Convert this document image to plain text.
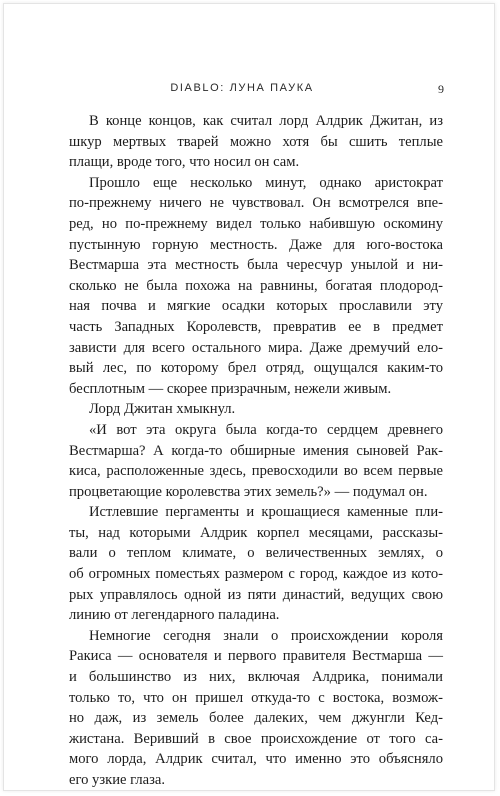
DIABLO: ЛУНА ПАУКА	9
В конце концов, как считал лорд Алдрик Джитан, из
шкур мертвых тварей можно хотя бы сшить теплые
плащи, вроде того, что носил он сам.
Прошло еще несколько минут, однако аристократ
по-прежнему ничего не чувствовал. Он всмотрелся впе-
ред, но по-прежнему видел только набившую оскомину
пустынную горную местность. Даже для юго-востока
Вестмарша эта местность была чересчур унылой и ни-
сколько не была похожа на равнины, богатая плодород-
ная почва и мягкие осадки которых прославили эту
часть Западных Королевств, превратив ее в предмет
зависти для всего остального мира. Даже дремучий ело-
вый лес, по которому брел отряд, ощущался каким-то
бесплотным — скорее призрачным, нежели живым.
Лорд Джитан хмыкнул.
«И вот эта округа была когда-то сердцем древнего
Вестмарша? А когда-то обширные имения сыновей Рак-
киса, расположенные здесь, превосходили во всем первые
процветающие королевства этих земель?» — подумал он.
Истлевшие пергаменты и крошащиеся каменные пли-
ты, над которыми Алдрик корпел месяцами, рассказы-
вали о теплом климате, о величественных землях, о
об огромных поместьях размером с город, каждое из кото-
рых управлялось одной из пяти династий, ведущих свою
линию от легендарного паладина.
Немногие сегодня знали о происхождении короля
Ракиса — основателя и первого правителя Вестмарша —
и большинство из них, включая Алдрика, понимали
только то, что он пришел откуда-то с востока, возмож-
но даж, из земель более далеких, чем джунгли Кед-
жистана. Веривший в свое происхождение от того са-
мого лорда, Алдрик считал, что именно это объясняло
его узкие глаза.
